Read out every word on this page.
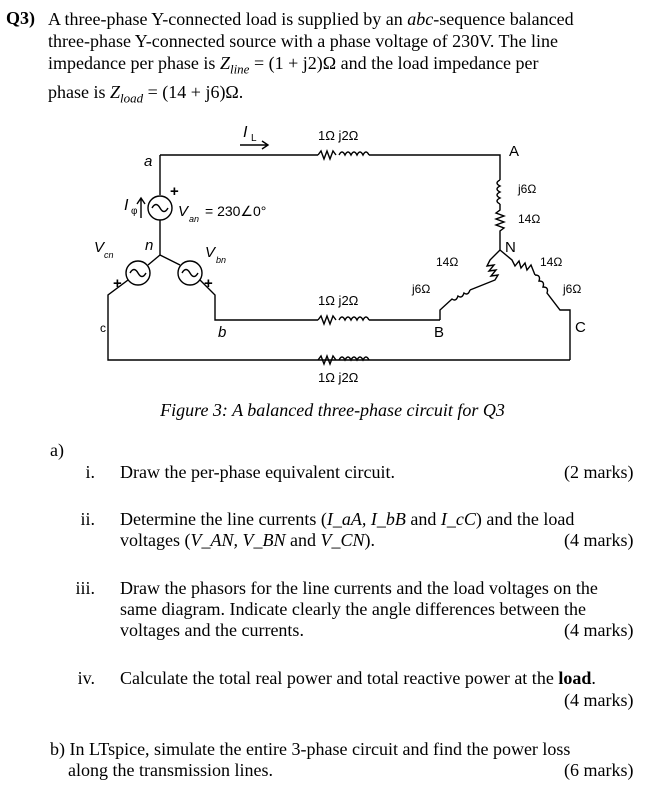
Q3) A three-phase Y-connected load is supplied by an abc-sequence balanced
three-phase Y-connected source with a phase voltage of 230V. The line
impedance per phase is $Z_{line} = (1 + j2)\Omega$ and the load impedance per
phase is $Z_{load} = (14 + j6)\Omega$.
1Ω j2Ω
1Ω j2Ω
1Ω j2Ω
I L
I φ
a
n
c	b
A
N
B	C
+
+	+
V an = 230∠0°
V cn	V bn
j6Ω
14Ω
14Ω
j6Ω
14Ω
j6Ω
Figure 3: A balanced three-phase circuit for Q3
a)
i. Draw the per-phase equivalent circuit.	(2 marks)
ii. Determine the line currents (I_aA, I_bB and I_cC) and the load
voltages (V_AN, V_BN and V_CN).	(4 marks)
iii. Draw the phasors for the line currents and the load voltages on the
same diagram. Indicate clearly the angle differences between the
voltages and the currents.	(4 marks)
iv. Calculate the total real power and total reactive power at the load.
(4 marks)
b) In LTspice, simulate the entire 3-phase circuit and find the power loss
along the transmission lines.	(6 marks)
